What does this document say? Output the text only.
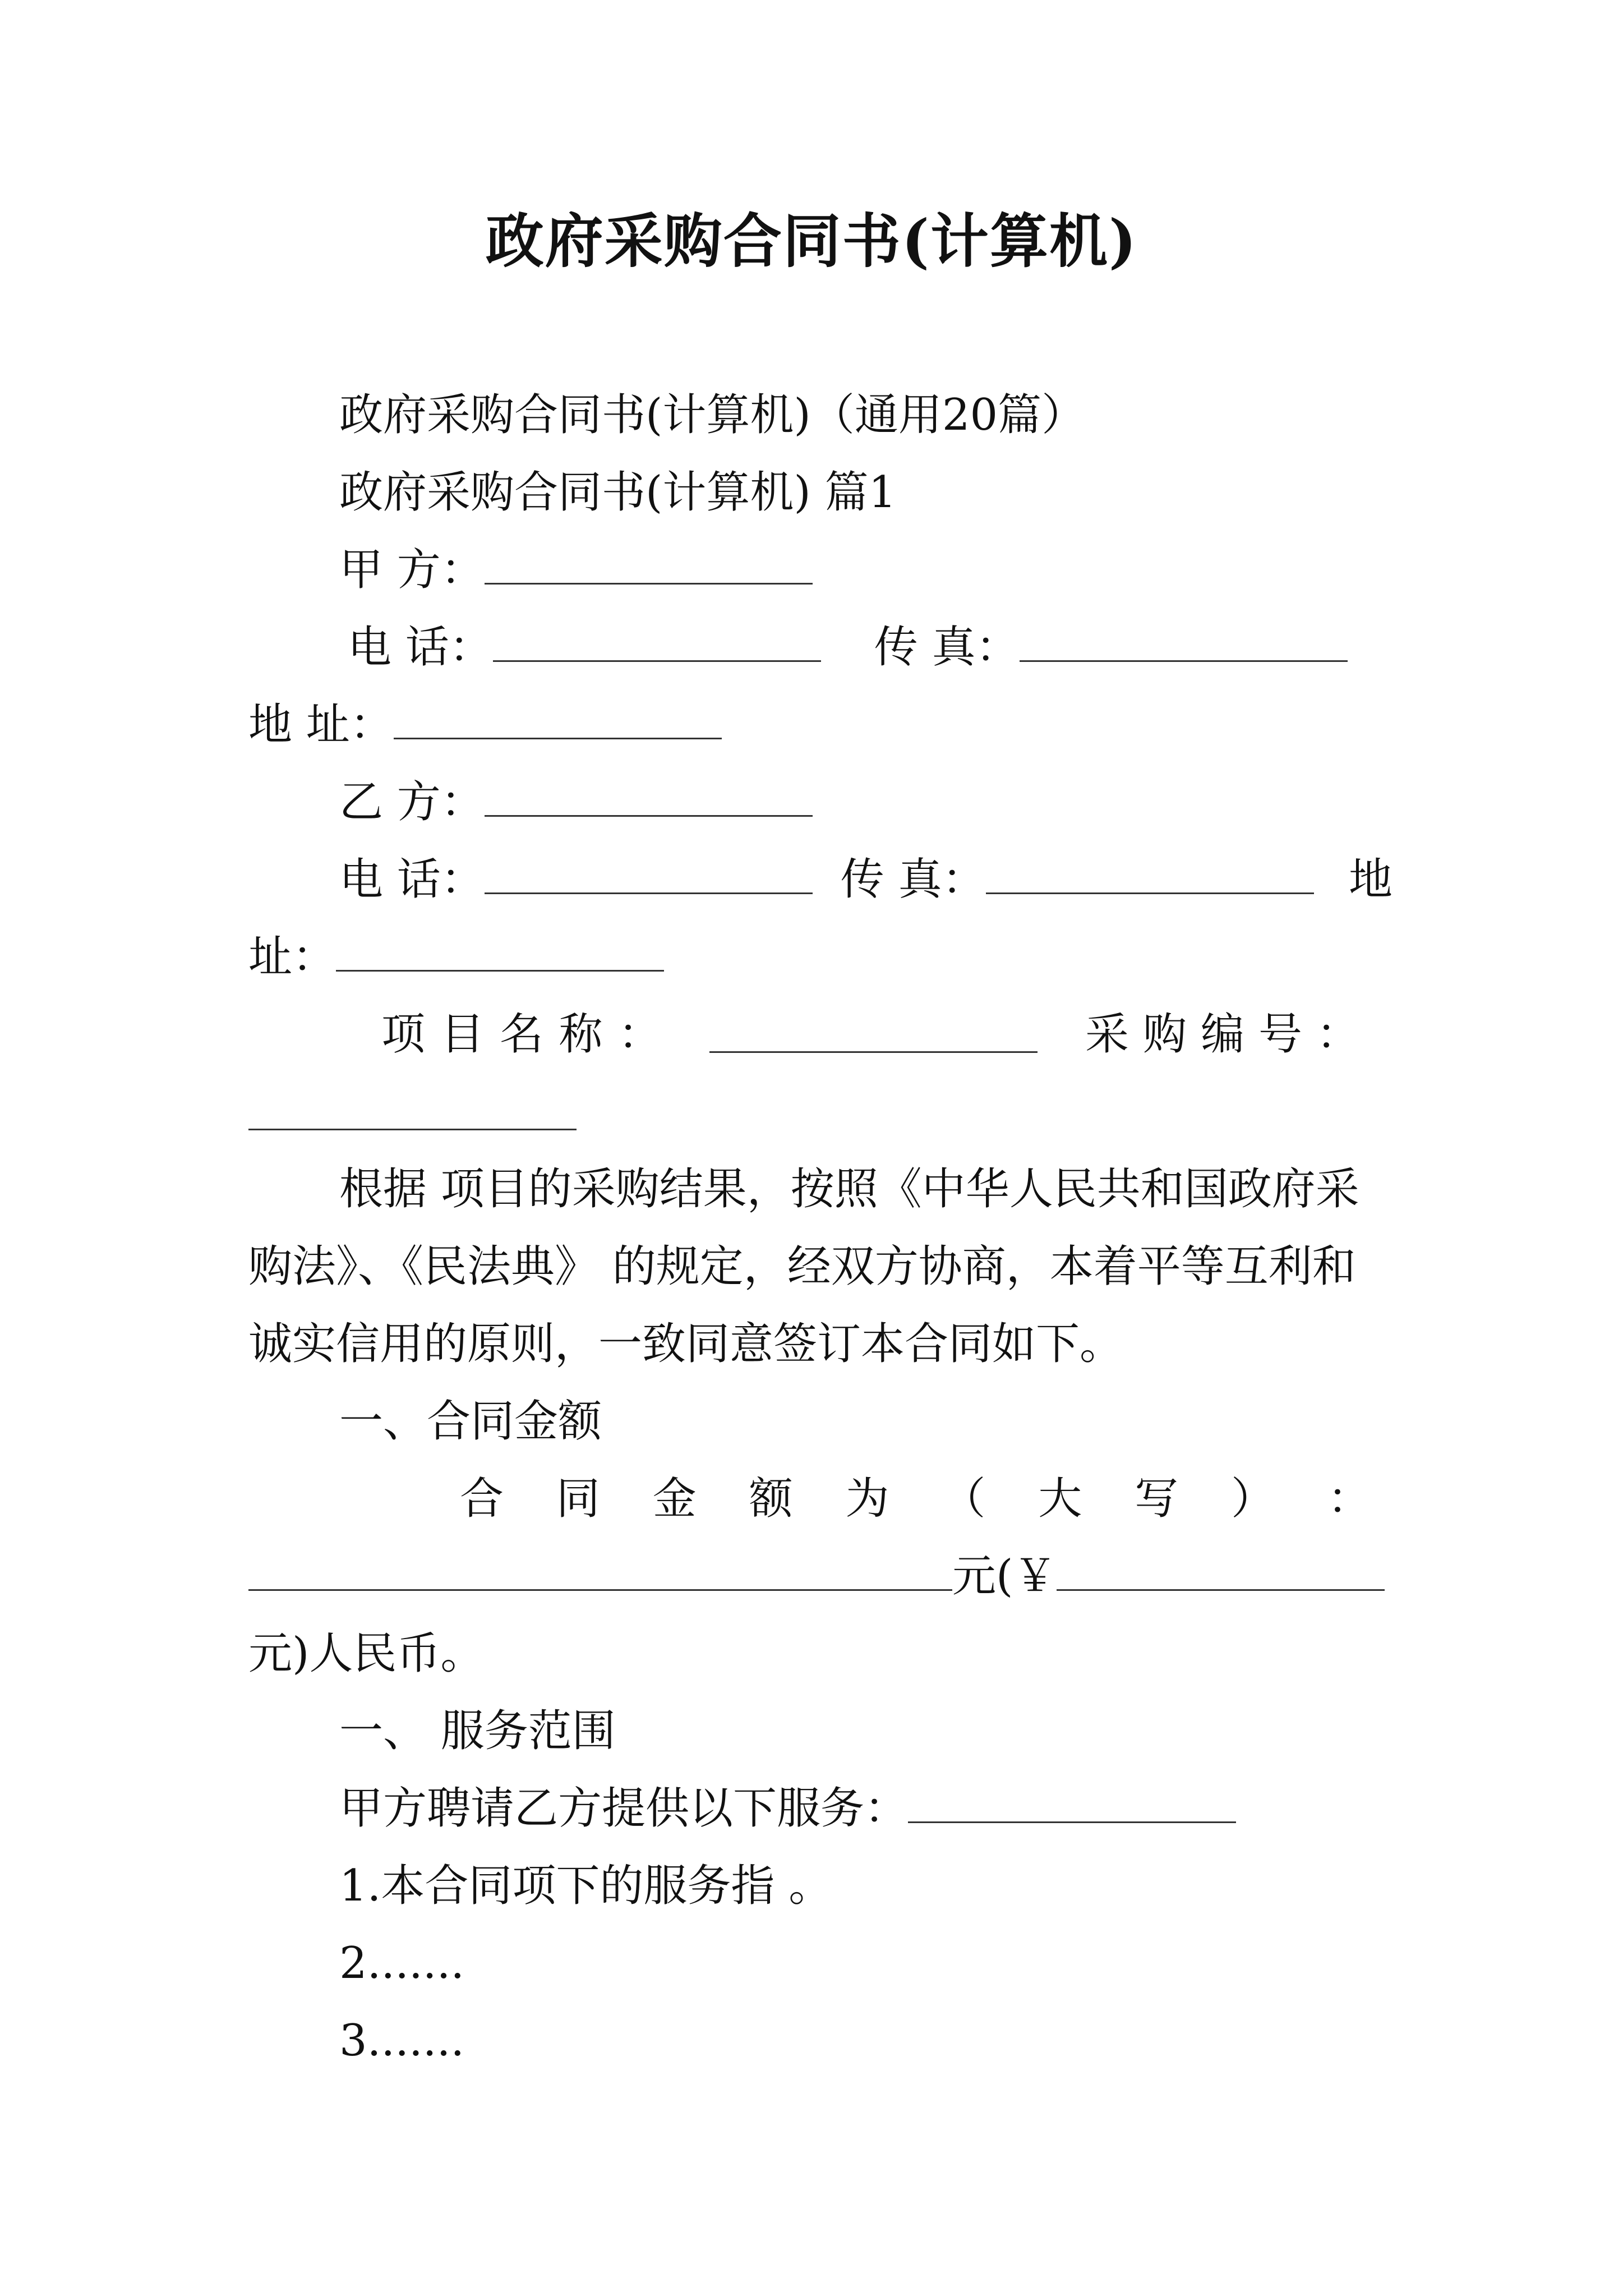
政府采购合同书(计算机)
政府采购合同书(计算机)（通用20篇）
政府采购合同书(计算机) 篇1
甲 方：
电 话：	传 真：
地 址：
乙 方：
电 话：	传 真：	地
址：
项 目 名 称 ：	采 购 编 号 ：
根据 项目的采购结果，按照《中华人民共和国政府采
购法》、《民法典》 的规定，经双方协商，本着平等互利和
诚实信用的原则，一致同意签订本合同如下。
一、合同金额
合 同 金 额 为 （ 大 写 ） ：
元(￥
元)人民币。
一、 服务范围
甲方聘请乙方提供以下服务：
1.本合同项下的服务指 。
2.......
3.......
